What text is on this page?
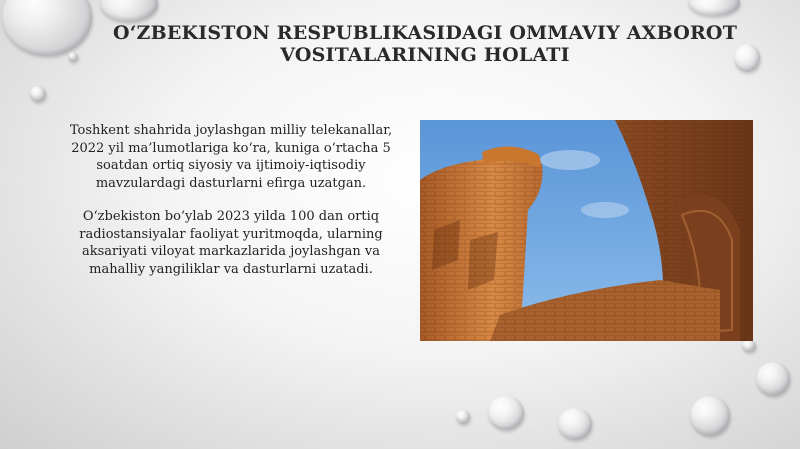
O‘ZBEKISTON RESPUBLIKASIDAGI OMMAVIY AXBOROT VOSITALARINING HOLATI

Toshkent shahrida joylashgan milliy telekanallar, 2022 yil ma’lumotlariga ko‘ra, kuniga o‘rtacha 5 soatdan ortiq siyosiy va ijtimoiy-iqtisodiy mavzulardagi dasturlarni efirga uzatgan.

O‘zbekiston bo‘ylab 2023 yilda 100 dan ortiq radiostansiyalar faoliyat yuritmoqda, ularning aksariyati viloyat markazlarida joylashgan va mahalliy yangiliklar va dasturlarni uzatadi.
